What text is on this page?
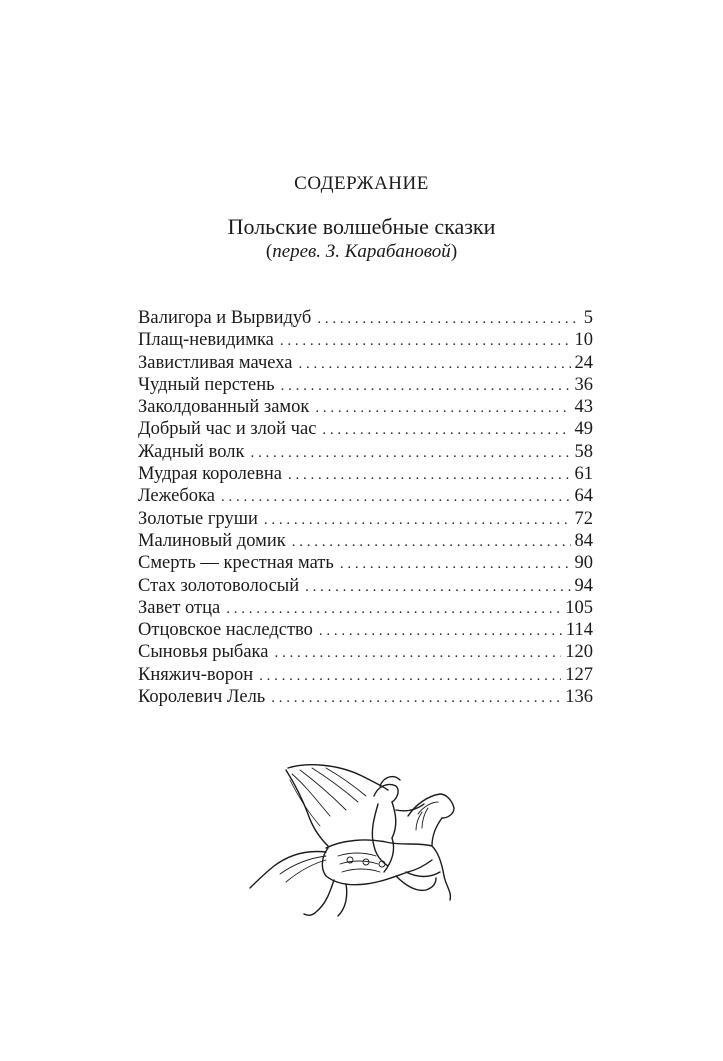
СОДЕРЖАНИЕ
Польские волшебные сказки
(перев. З. Карабановой)
Валигора и Вырвидуб . . .	5
Плащ-невидимка . . .	10
Завистливая мачеха . . .	24
Чудный перстень . . .	36
Заколдованный замок . . .	43
Добрый час и злой час . . .	49
Жадный волк . . .	58
Мудрая королевна . . .	61
Лежебока . . .	64
Золотые груши . . .	72
Малиновый домик . . .	84
Смерть — крестная мать . . .	90
Стах золотоволосый . . .	94
Завет отца . . .	105
Отцовское наследство . . .	114
Сыновья рыбака . . .	120
Княжич-ворон . . .	127
Королевич Лель . . .	136
